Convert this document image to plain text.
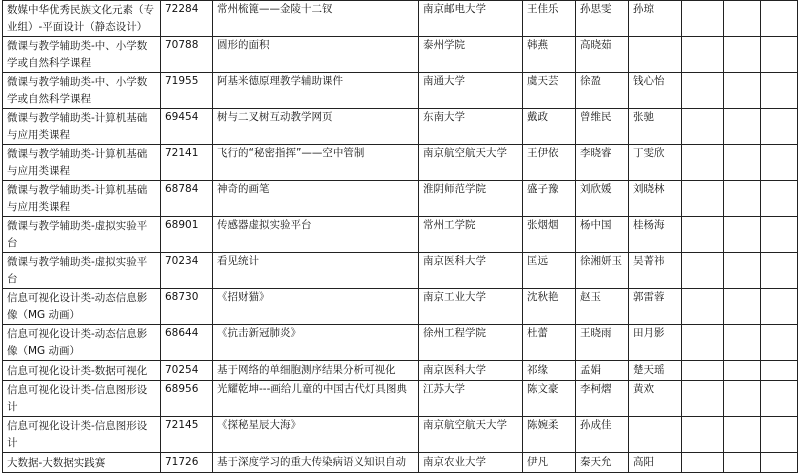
数媒中华优秀民族文化元素（专业组）-平面设计（静态设计）	72284	常州梳篦——金陵十二钗	南京邮电大学	王佳乐	孙思雯	孙琼			
微课与教学辅助类-中、小学数学或自然科学课程	70788	圆形的面积	泰州学院	韩燕	高晓茹				
微课与教学辅助类-中、小学数学或自然科学课程	71955	阿基米德原理教学辅助课件	南通大学	虞天芸	徐盈	钱心怡			
微课与教学辅助类-计算机基础与应用类课程	69454	树与二叉树互动教学网页	东南大学	戴政	曾维民	张驰			
微课与教学辅助类-计算机基础与应用类课程	72141	飞行的“秘密指挥”——空中管制	南京航空航天大学	王伊依	李晓睿	丁雯欣			
微课与教学辅助类-计算机基础与应用类课程	68784	神奇的画笔	淮阴师范学院	盛子豫	刘欣媛	刘晓林			
微课与教学辅助类-虚拟实验平台	68901	传感器虚拟实验平台	常州工学院	张烟烟	杨中国	桂杨海			
微课与教学辅助类-虚拟实验平台	70234	看见统计	南京医科大学	匡远	徐湘妍玉	吴菁祎			
信息可视化设计类-动态信息影像（MG 动画）	68730	《招财猫》	南京工业大学	沈秋艳	赵玉	郭雷蓉			
信息可视化设计类-动态信息影像（MG 动画）	68644	《抗击新冠肺炎》	徐州工程学院	杜蕾	王晓雨	田月影			
信息可视化设计类-数据可视化	70254	基于网络的单细胞测序结果分析可视化	南京医科大学	祁缘	孟娟	楚天瑶			
信息可视化设计类-信息图形设计	68956	光耀乾坤---画给儿童的中国古代灯具图典	江苏大学	陈文豪	李柯熠	黄欢			
信息可视化设计类-信息图形设计	72145	《探秘星辰大海》	南京航空航天大学	陈婉柔	孙成佳				
大数据-大数据实践赛	71726	基于深度学习的重大传染病语义知识自动	南京农业大学	伊凡	秦天允	高阳			
